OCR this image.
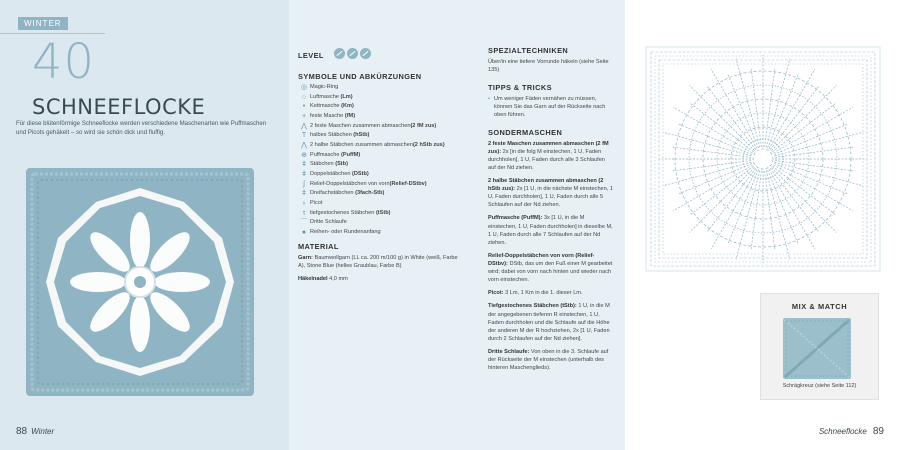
WINTER
40
SCHNEEFLOCKE
Für diese blütenförmige Schneeflocke werden verschiedene Maschenarten wie Puffmaschen und Picots gehäkelt – so wird sie schön dick und fluffig.
88 Winter
LEVEL
SYMBOLE UND ABKÜRZUNGEN
◎ Magic-Ring
○ Luftmasche (Lm)
• Kettmasche (Km)
+ feste Masche (fM)
⋀ 2 feste Maschen zusammen abmaschen(2 fM zus)
T halbes Stäbchen (hStb)
⋀ 2 halbe Stäbchen zusammen abmaschen(2 hStb zus)
⊕ Puffmasche (PuffM)
ǂ Stäbchen (Stb)
ǂ Doppelstäbchen (DStb)
ʃ Relief-Doppelstäbchen von vorn(Relief-DStbv)
ǂ Dreifachstäbchen (3fach-Stb)
♁ Picot
τ tiefgestochenes Stäbchen (tStb)
⌒ Dritte Schlaufe
● Reihen- oder Rundenanfang
MATERIAL
Garn: Baumwollgarn (LL ca. 200 m/100 g) in White (weiß, Farbe A), Stone Blue (helles Graublau, Farbe B)
Häkelnadel 4,0 mm
SPEZIALTECHNIKEN
Über/in eine tiefere Vorrunde häkeln (siehe Seite 135)
TIPPS & TRICKS
• Um weniger Fäden vernähen zu müssen, können Sie das Garn auf der Rückseite nach oben führen.
SONDERMASCHEN
2 feste Maschen zusammen abmaschen (2 fM zus): 2x [in die folg M einstechen, 1 U, Faden durchholen], 1 U, Faden durch alle 3 Schlaufen auf der Nd ziehen.
2 halbe Stäbchen zusammen abmaschen (2 hStb zus): 2x [1 U, in die nächste M einstechen, 1 U, Faden durchholen], 1 U, Faden durch alle 5 Schlaufen auf der Nd ziehen.
Puffmasche (PuffM): 3x [1 U, in die M einstechen, 1 U, Faden durchholen] in dieselbe M, 1 U, Faden durch alle 7 Schlaufen auf der Nd ziehen.
Relief-Doppelstäbchen von vorn (Relief-DStbv): DStb, das um den Fuß einer M gearbeitet wird; dabei von vorn nach hinten und wieder nach vorn einstechen.
Picot: 3 Lm, 1 Km in die 1. dieser Lm.
Tiefgestochenes Stäbchen (tStb): 1 U, in die M der angegebenen tieferen R einstechen, 1 U, Faden durchholen und die Schlaufe auf die Höhe der anderen M der R hochziehen, 2x [1 U, Faden durch 2 Schlaufen auf der Nd ziehen].
Dritte Schlaufe: Von oben in die 3. Schlaufe auf der Rückseite der M einstechen (unterhalb des hinteren Maschenglieds).
MIX & MATCH
Schrägkreuz (siehe Seite 112)
Schneeflocke 89
